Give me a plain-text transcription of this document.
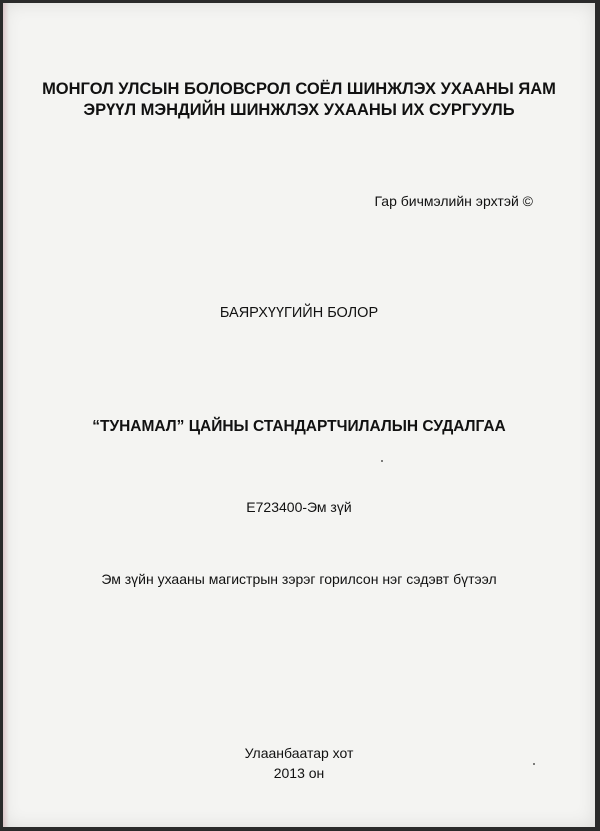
МОНГОЛ УЛСЫН БОЛОВСРОЛ СОЁЛ ШИНЖЛЭХ УХААНЫ ЯАМ
ЭРҮҮЛ МЭНДИЙН ШИНЖЛЭХ УХААНЫ ИХ СУРГУУЛЬ
Гар бичмэлийн эрхтэй ©
БАЯРХҮҮГИЙН БОЛОР
“ТУНАМАЛ” ЦАЙНЫ СТАНДАРТЧИЛАЛЫН СУДАЛГАА
Е723400-Эм зүй
Эм зүйн ухааны магистрын зэрэг горилсон нэг сэдэвт бүтээл
Улаанбаатар хот
2013 он
